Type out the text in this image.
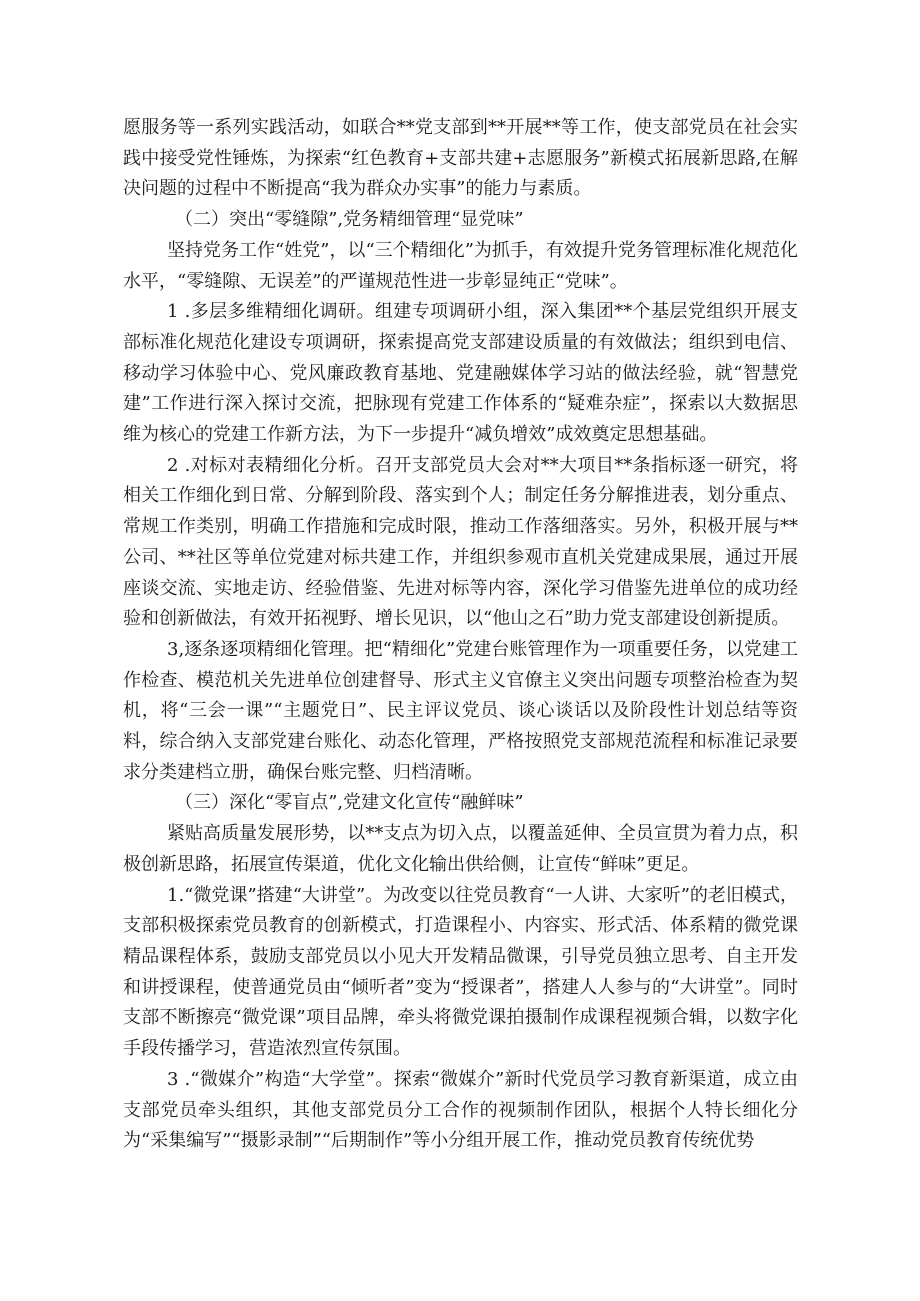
愿服务等一系列实践活动，如联合**党支部到**开展**等工作，使支部党员在社会实践中接受党性锤炼，为探索“红色教育+支部共建+志愿服务”新模式拓展新思路,在解决问题的过程中不断提高“我为群众办实事”的能力与素质。

（二）突出“零缝隙”,党务精细管理“显党味”

坚持党务工作“姓党”，以“三个精细化”为抓手，有效提升党务管理标准化规范化水平，“零缝隙、无误差”的严谨规范性进一步彰显纯正“党味”。

1 .多层多维精细化调研。组建专项调研小组，深入集团**个基层党组织开展支部标准化规范化建设专项调研，探索提高党支部建设质量的有效做法；组织到电信、移动学习体验中心、党风廉政教育基地、党建融媒体学习站的做法经验，就“智慧党建”工作进行深入探讨交流，把脉现有党建工作体系的“疑难杂症”，探索以大数据思维为核心的党建工作新方法，为下一步提升“减负增效”成效奠定思想基础。

2 .对标对表精细化分析。召开支部党员大会对**大项目**条指标逐一研究，将相关工作细化到日常、分解到阶段、落实到个人；制定任务分解推进表，划分重点、常规工作类别，明确工作措施和完成时限，推动工作落细落实。另外，积极开展与**公司、**社区等单位党建对标共建工作，并组织参观市直机关党建成果展，通过开展座谈交流、实地走访、经验借鉴、先进对标等内容，深化学习借鉴先进单位的成功经验和创新做法，有效开拓视野、增长见识，以“他山之石”助力党支部建设创新提质。

3,逐条逐项精细化管理。把“精细化”党建台账管理作为一项重要任务，以党建工作检查、模范机关先进单位创建督导、形式主义官僚主义突出问题专项整治检查为契机，将“三会一课”“主题党日”、民主评议党员、谈心谈话以及阶段性计划总结等资料，综合纳入支部党建台账化、动态化管理，严格按照党支部规范流程和标准记录要求分类建档立册，确保台账完整、归档清晰。

（三）深化“零盲点”,党建文化宣传“融鲜味”

紧贴高质量发展形势，以**支点为切入点，以覆盖延伸、全员宣贯为着力点，积极创新思路，拓展宣传渠道，优化文化输出供给侧，让宣传“鲜味”更足。

1.“微党课”搭建“大讲堂”。为改变以往党员教育“一人讲、大家听”的老旧模式，支部积极探索党员教育的创新模式，打造课程小、内容实、形式活、体系精的微党课精品课程体系，鼓励支部党员以小见大开发精品微课，引导党员独立思考、自主开发和讲授课程，使普通党员由“倾听者”变为“授课者”，搭建人人参与的“大讲堂”。同时支部不断擦亮“微党课”项目品牌，牵头将微党课拍摄制作成课程视频合辑，以数字化手段传播学习，营造浓烈宣传氛围。

3 .“微媒介”构造“大学堂”。探索“微媒介”新时代党员学习教育新渠道，成立由支部党员牵头组织，其他支部党员分工合作的视频制作团队，根据个人特长细化分为“采集编写”“摄影录制”“后期制作”等小分组开展工作，推动党员教育传统优势
